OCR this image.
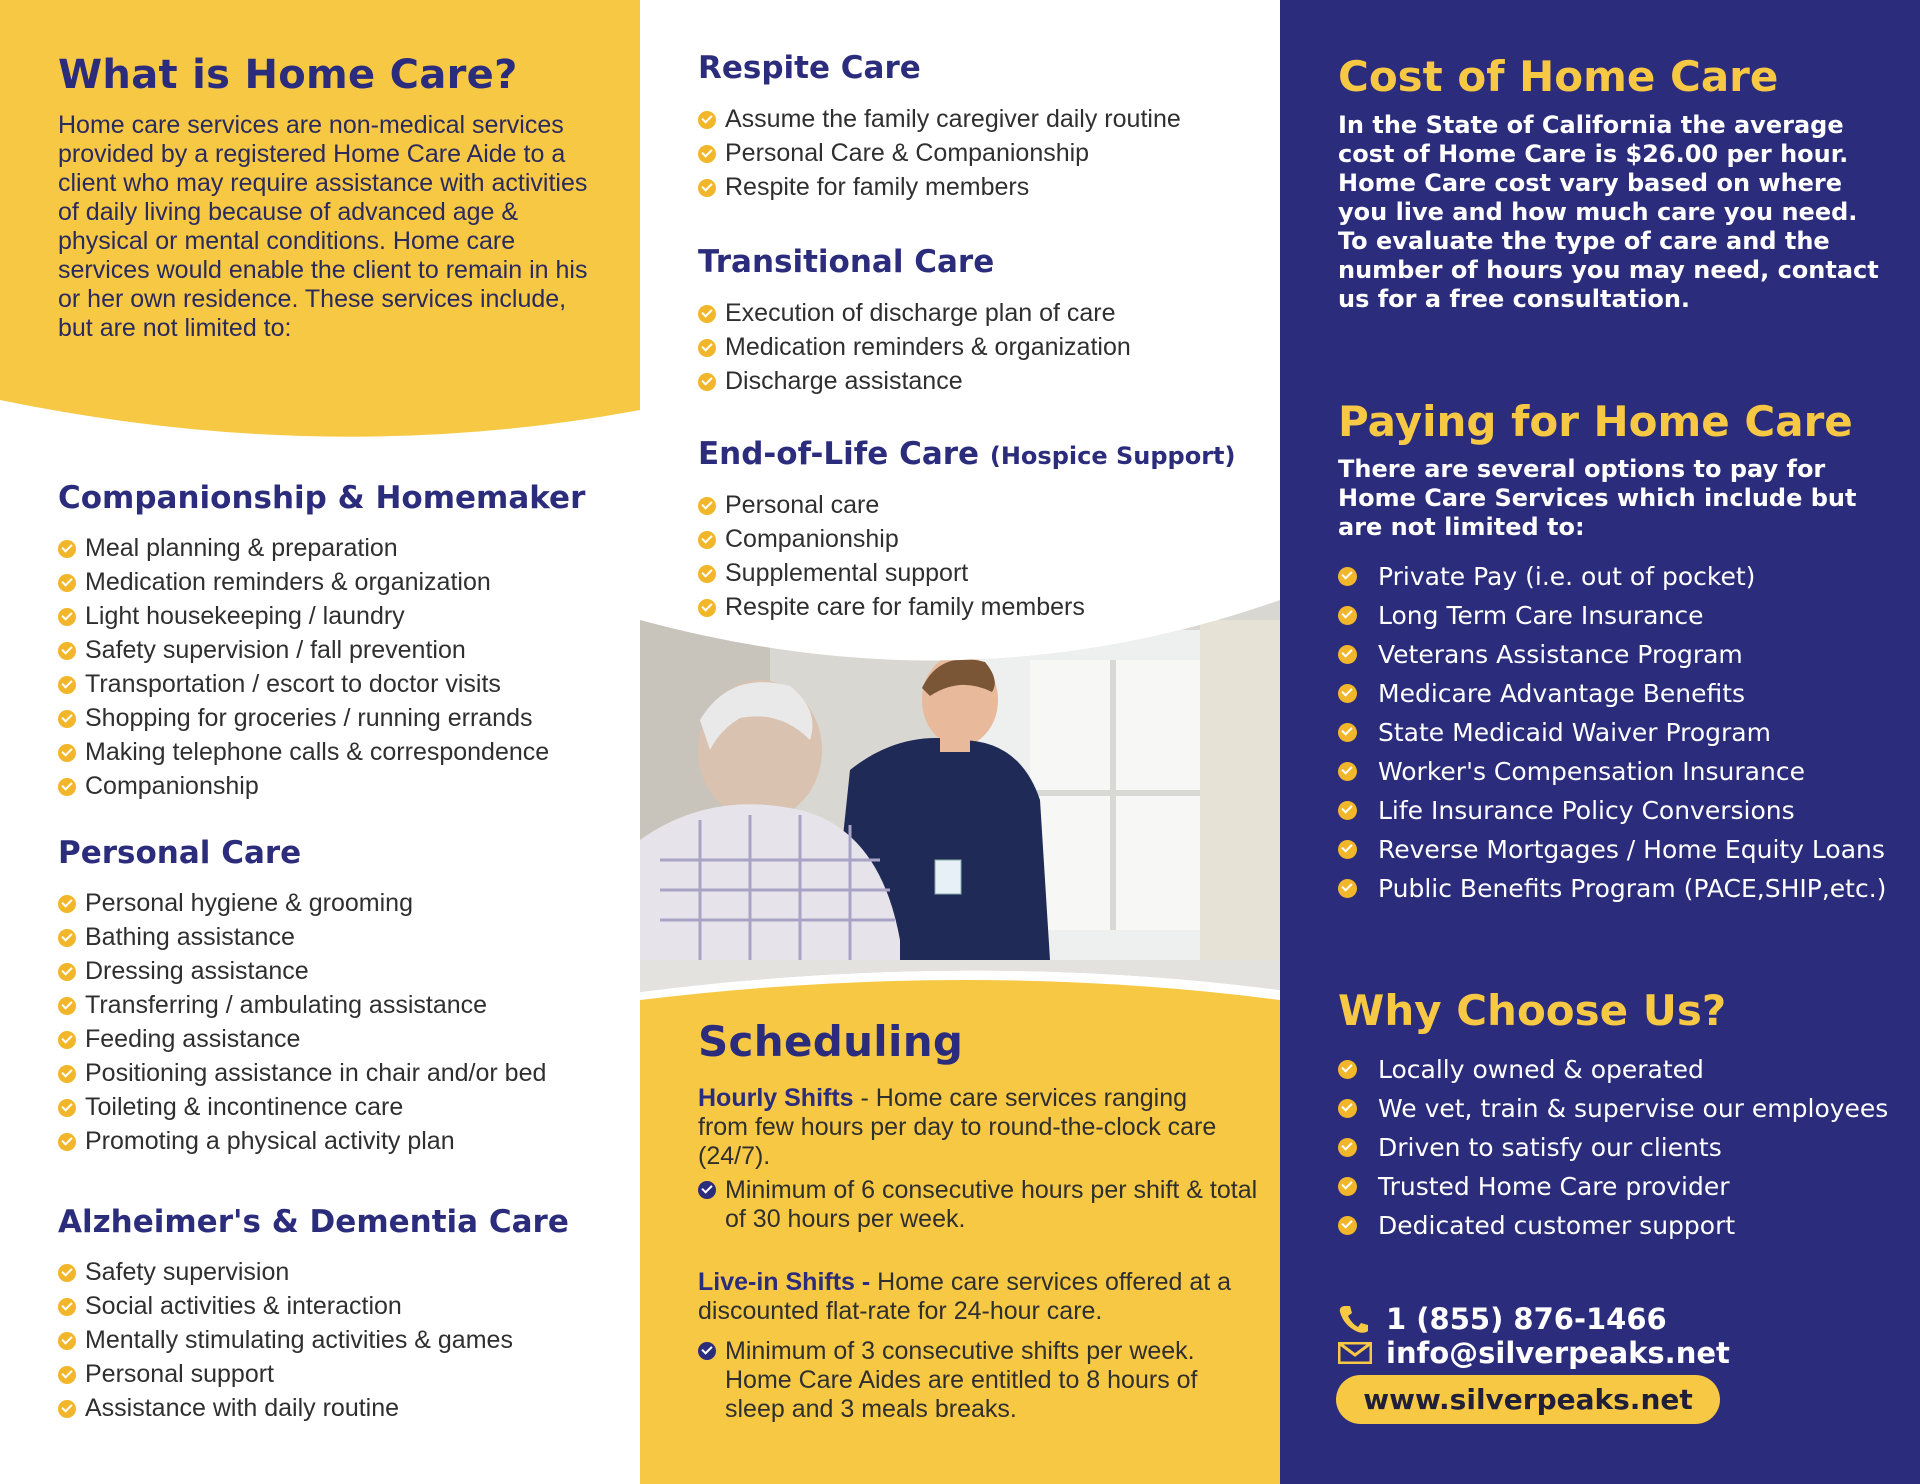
What is Home Care?
Home care services are non-medical services provided by a registered Home Care Aide to a client who may require assistance with activities of daily living because of advanced age & physical or mental conditions. Home care services would enable the client to remain in his or her own residence. These services include, but are not limited to:
Companionship & Homemaker
Meal planning & preparation
Medication reminders & organization
Light housekeeping / laundry
Safety supervision / fall prevention
Transportation / escort to doctor visits
Shopping for groceries / running errands
Making telephone calls & correspondence
Companionship
Personal Care
Personal hygiene & grooming
Bathing assistance
Dressing assistance
Transferring / ambulating assistance
Feeding assistance
Positioning assistance in chair and/or bed
Toileting & incontinence care
Promoting a physical activity plan
Alzheimer's & Dementia Care
Safety supervision
Social activities & interaction
Mentally stimulating activities & games
Personal support
Assistance with daily routine
Respite Care
Assume the family caregiver daily routine
Personal Care & Companionship
Respite for family members
Transitional Care
Execution of discharge plan of care
Medication reminders & organization
Discharge assistance
End-of-Life Care (Hospice Support)
Personal care
Companionship
Supplemental support
Respite care for family members
Scheduling
Hourly Shifts - Home care services ranging from few hours per day to round-the-clock care (24/7).
Minimum of 6 consecutive hours per shift & total of 30 hours per week.
Live-in Shifts - Home care services offered at a discounted flat-rate for 24-hour care.
Minimum of 3 consecutive shifts per week. Home Care Aides are entitled to 8 hours of sleep and 3 meals breaks.
Cost of Home Care
In the State of California the average cost of Home Care is $26.00 per hour. Home Care cost vary based on where you live and how much care you need. To evaluate the type of care and the number of hours you may need, contact us for a free consultation.
Paying for Home Care
There are several options to pay for Home Care Services which include but are not limited to:
Private Pay (i.e. out of pocket)
Long Term Care Insurance
Veterans Assistance Program
Medicare Advantage Benefits
State Medicaid Waiver Program
Worker's Compensation Insurance
Life Insurance Policy Conversions
Reverse Mortgages / Home Equity Loans
Public Benefits Program (PACE,SHIP,etc.)
Why Choose Us?
Locally owned & operated
We vet, train & supervise our employees
Driven to satisfy our clients
Trusted Home Care provider
Dedicated customer support
1 (855) 876-1466
info@silverpeaks.net
www.silverpeaks.net
